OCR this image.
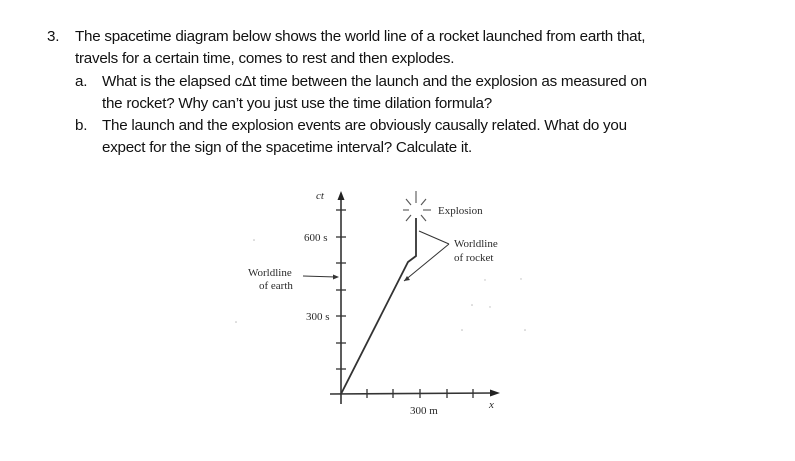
3. The spacetime diagram below shows the world line of a rocket launched from earth that,
travels for a certain time, comes to rest and then explodes.
a. What is the elapsed cΔt time between the launch and the explosion as measured on
the rocket? Why can’t you just use the time dilation formula?
b. The launch and the explosion events are obviously causally related. What do you
expect for the sign of the spacetime interval? Calculate it.
ct
x
600 s
300 s
300 m
Explosion
Worldline
of rocket
Worldline
of earth
